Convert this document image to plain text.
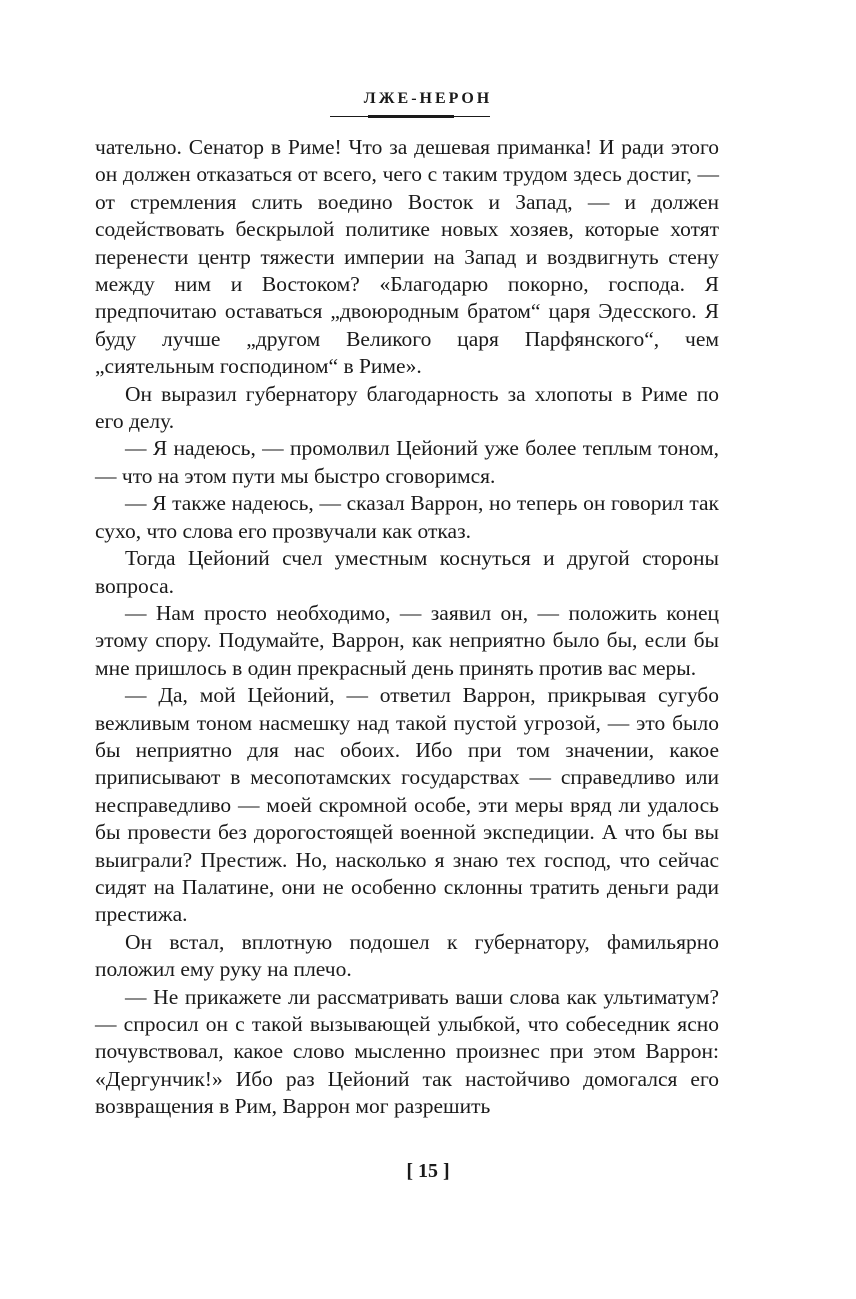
ЛЖЕ-НЕРОН

чательно. Сенатор в Риме! Что за дешевая приманка! И ради этого он должен отказаться от всего, чего с таким трудом здесь достиг, — от стремления слить воедино Восток и Запад, — и должен содействовать бескрылой политике новых хозяев, которые хотят перенести центр тяжести империи на Запад и воздвигнуть стену между ним и Востоком? «Благодарю покорно, господа. Я предпочитаю оставаться „двоюродным братом“ царя Эдесского. Я буду лучше „другом Великого царя Парфянского“, чем „сиятельным господином“ в Риме».

Он выразил губернатору благодарность за хлопоты в Риме по его делу.

— Я надеюсь, — промолвил Цейоний уже более теплым тоном, — что на этом пути мы быстро сговоримся.

— Я также надеюсь, — сказал Варрон, но теперь он говорил так сухо, что слова его прозвучали как отказ.

Тогда Цейоний счел уместным коснуться и другой стороны вопроса.

— Нам просто необходимо, — заявил он, — положить конец этому спору. Подумайте, Варрон, как неприятно было бы, если бы мне пришлось в один прекрасный день принять против вас меры.

— Да, мой Цейоний, — ответил Варрон, прикрывая сугубо вежливым тоном насмешку над такой пустой угрозой, — это было бы неприятно для нас обоих. Ибо при том значении, какое приписывают в месопотамских государствах — справедливо или несправедливо — моей скромной особе, эти меры вряд ли удалось бы провести без дорогостоящей военной экспедиции. А что бы вы выиграли? Престиж. Но, насколько я знаю тех господ, что сейчас сидят на Палатине, они не особенно склонны тратить деньги ради престижа.

Он встал, вплотную подошел к губернатору, фамильярно положил ему руку на плечо.

— Не прикажете ли рассматривать ваши слова как ультиматум? — спросил он с такой вызывающей улыбкой, что собеседник ясно почувствовал, какое слово мысленно произнес при этом Варрон: «Дергунчик!» Ибо раз Цейоний так настойчиво домогался его возвращения в Рим, Варрон мог разрешить

[ 15 ]
